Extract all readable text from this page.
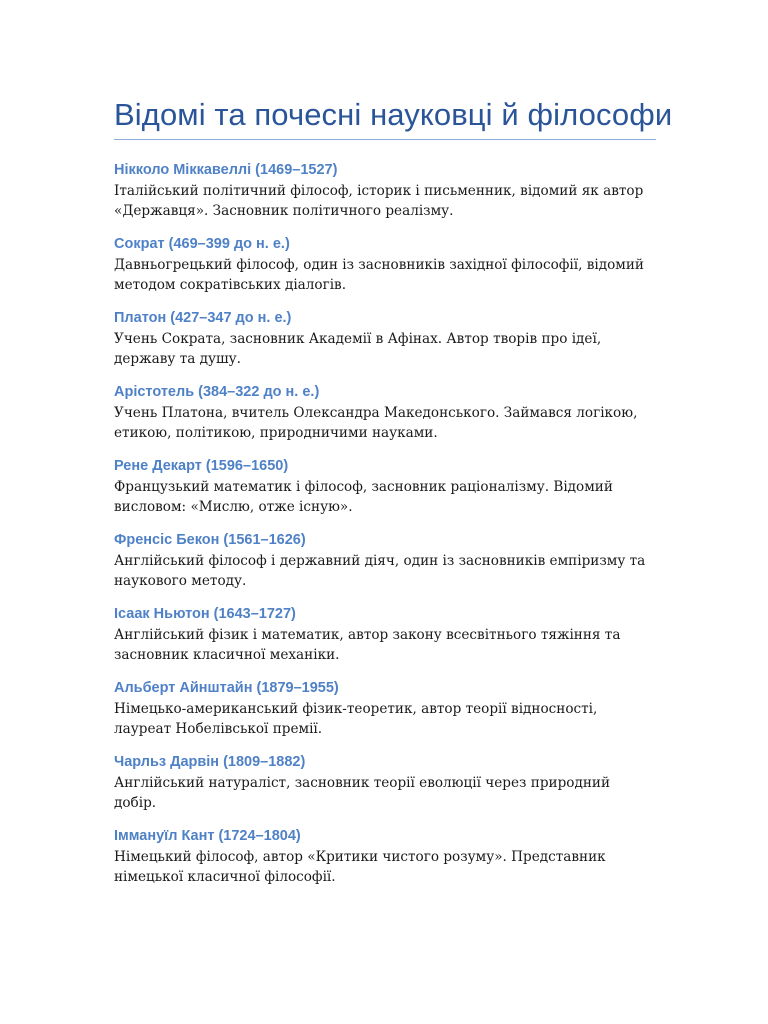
Відомі та почесні науковці й філософи

Нікколо Міккавеллі (1469–1527)

Італійський політичний філософ, історик і письменник, відомий як автор «Державця». Засновник політичного реалізму.

Сократ (469–399 до н. е.)

Давньогрецький філософ, один із засновників західної філософії, відомий методом сократівських діалогів.

Платон (427–347 до н. е.)

Учень Сократа, засновник Академії в Афінах. Автор творів про ідеї, державу та душу.

Арістотель (384–322 до н. е.)

Учень Платона, вчитель Олександра Македонського. Займався логікою, етикою, політикою, природничими науками.

Рене Декарт (1596–1650)

Французький математик і філософ, засновник раціоналізму. Відомий висловом: «Мислю, отже існую».

Френсіс Бекон (1561–1626)

Англійський філософ і державний діяч, один із засновників емпіризму та наукового методу.

Ісаак Ньютон (1643–1727)

Англійський фізик і математик, автор закону всесвітнього тяжіння та засновник класичної механіки.

Альберт Айнштайн (1879–1955)

Німецько-американський фізик-теоретик, автор теорії відносності, лауреат Нобелівської премії.

Чарльз Дарвін (1809–1882)

Англійський натураліст, засновник теорії еволюції через природний добір.

Іммануїл Кант (1724–1804)

Німецький філософ, автор «Критики чистого розуму». Представник німецької класичної філософії.
